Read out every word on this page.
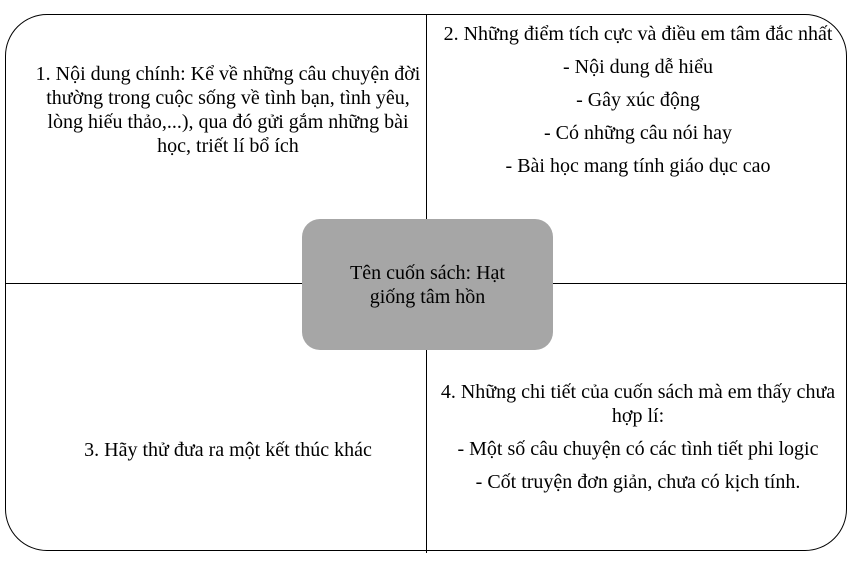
1. Nội dung chính: Kể về những câu chuyện đời thường trong cuộc sống về tình bạn, tình yêu, lòng hiếu thảo,...), qua đó gửi gắm những bài học, triết lí bổ ích
2. Những điểm tích cực và điều em tâm đắc nhất
- Nội dung dễ hiểu
- Gây xúc động
- Có những câu nói hay
- Bài học mang tính giáo dục cao
3. Hãy thử đưa ra một kết thúc khác
4. Những chi tiết của cuốn sách mà em thấy chưa hợp lí:
- Một số câu chuyện có các tình tiết phi logic
- Cốt truyện đơn giản, chưa có kịch tính.
Tên cuốn sách: Hạt giống tâm hồn
